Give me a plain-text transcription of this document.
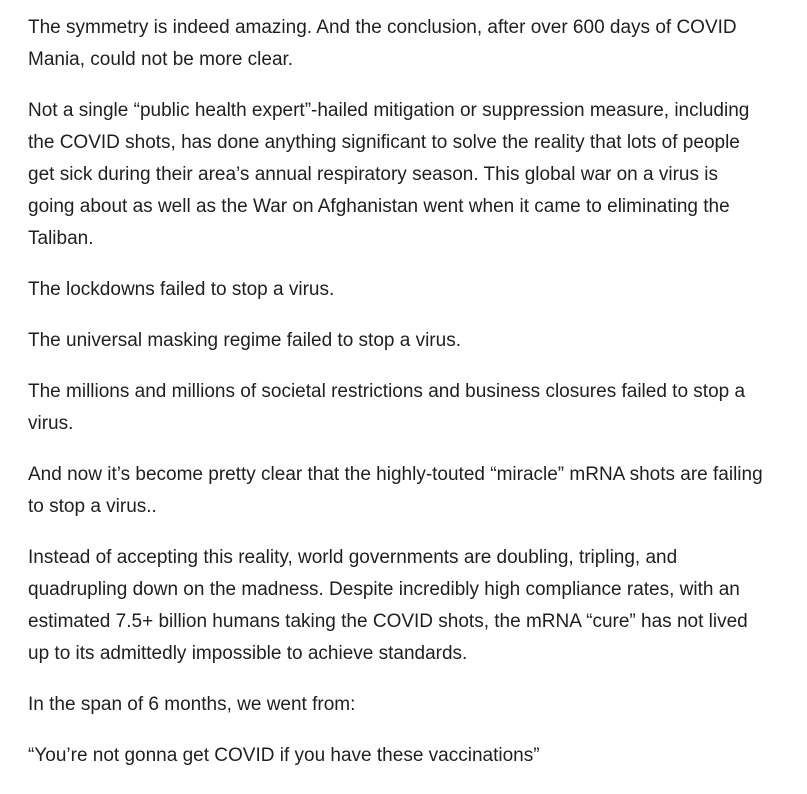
The symmetry is indeed amazing. And the conclusion, after over 600 days of COVID Mania, could not be more clear.

Not a single “public health expert”-hailed mitigation or suppression measure, including the COVID shots, has done anything significant to solve the reality that lots of people get sick during their area’s annual respiratory season. This global war on a virus is going about as well as the War on Afghanistan went when it came to eliminating the Taliban.

The lockdowns failed to stop a virus.

The universal masking regime failed to stop a virus.

The millions and millions of societal restrictions and business closures failed to stop a virus.

And now it’s become pretty clear that the highly-touted “miracle” mRNA shots are failing to stop a virus..

Instead of accepting this reality, world governments are doubling, tripling, and quadrupling down on the madness. Despite incredibly high compliance rates, with an estimated 7.5+ billion humans taking the COVID shots, the mRNA “cure” has not lived up to its admittedly impossible to achieve standards.

In the span of 6 months, we went from:

“You’re not gonna get COVID if you have these vaccinations”
